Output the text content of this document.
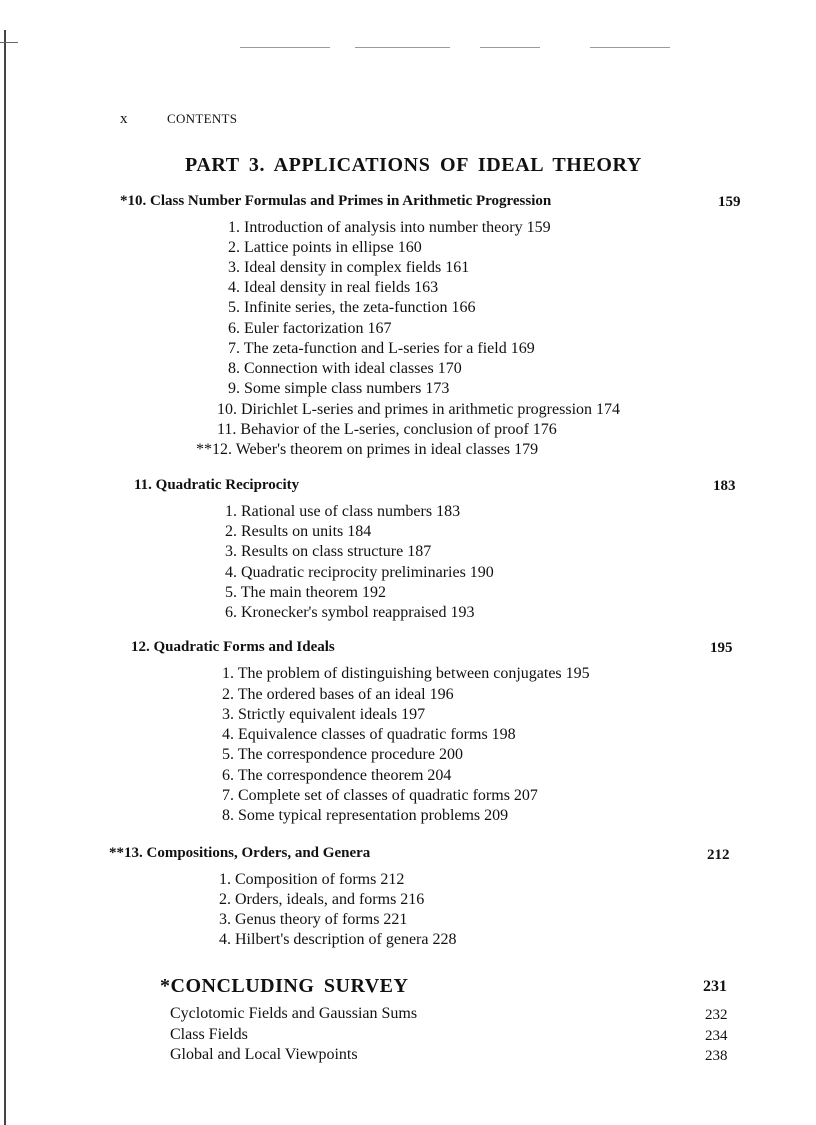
x	CONTENTS
PART 3. APPLICATIONS OF IDEAL THEORY
*10. Class Number Formulas and Primes in Arithmetic Progression	159
1. Introduction of analysis into number theory 159
2. Lattice points in ellipse 160
3. Ideal density in complex fields 161
4. Ideal density in real fields 163
5. Infinite series, the zeta-function 166
6. Euler factorization 167
7. The zeta-function and L-series for a field 169
8. Connection with ideal classes 170
9. Some simple class numbers 173
10. Dirichlet L-series and primes in arithmetic progression 174
11. Behavior of the L-series, conclusion of proof 176
**12. Weber's theorem on primes in ideal classes 179
11. Quadratic Reciprocity	183
1. Rational use of class numbers 183
2. Results on units 184
3. Results on class structure 187
4. Quadratic reciprocity preliminaries 190
5. The main theorem 192
6. Kronecker's symbol reappraised 193
12. Quadratic Forms and Ideals	195
1. The problem of distinguishing between conjugates 195
2. The ordered bases of an ideal 196
3. Strictly equivalent ideals 197
4. Equivalence classes of quadratic forms 198
5. The correspondence procedure 200
6. The correspondence theorem 204
7. Complete set of classes of quadratic forms 207
8. Some typical representation problems 209
**13. Compositions, Orders, and Genera	212
1. Composition of forms 212
2. Orders, ideals, and forms 216
3. Genus theory of forms 221
4. Hilbert's description of genera 228
*CONCLUDING SURVEY	231
Cyclotomic Fields and Gaussian Sums	232
Class Fields	234
Global and Local Viewpoints	238
